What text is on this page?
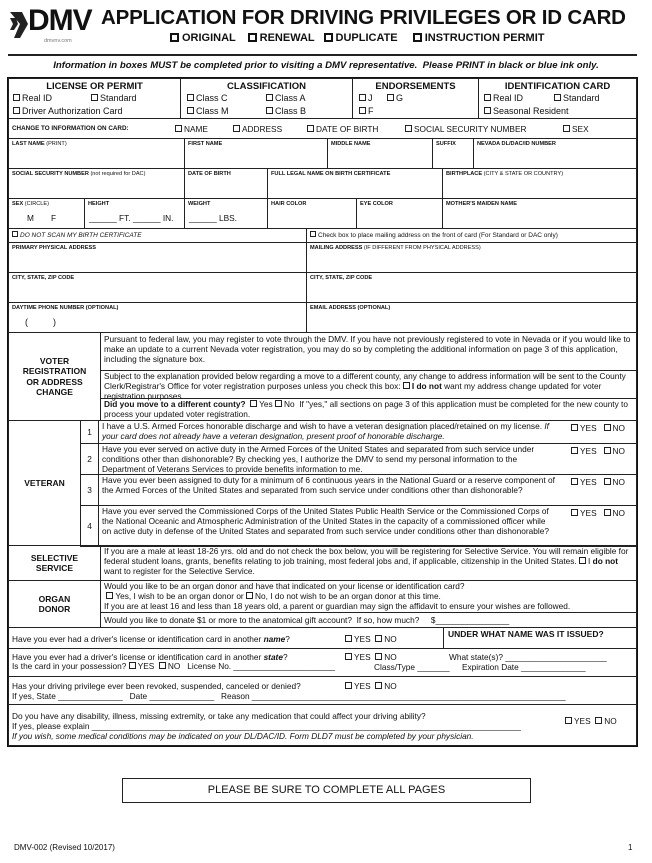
DMV
dmvnv.com
APPLICATION FOR DRIVING PRIVILEGES OR ID CARD
ORIGINAL RENEWAL DUPLICATE INSTRUCTION PERMIT
Information in boxes MUST be completed prior to visiting a DMV representative.  Please PRINT in black or blue ink only.
LICENSE OR PERMIT
Real ID	Standard
Driver Authorization Card
CLASSIFICATION
Class C	Class A
Class M	Class B
ENDORSEMENTS
J	G
F
IDENTIFICATION CARD
Real ID	Standard
Seasonal Resident
CHANGE TO INFORMATION ON CARD:	NAME	ADDRESS	DATE OF BIRTH	SOCIAL SECURITY NUMBER	SEX
LAST NAME (PRINT)	FIRST NAME	MIDDLE NAME	SUFFIX	NEVADA DL/DAC/ID NUMBER
SOCIAL SECURITY NUMBER (not required for DAC)	DATE OF BIRTH	FULL LEGAL NAME ON BIRTH CERTIFICATE	BIRTHPLACE (CITY & STATE OR COUNTRY)
SEX (CIRCLE)
M F
HEIGHT
______ FT. ______ IN.
WEIGHT
______ LBS.
HAIR COLOR	EYE COLOR	MOTHER'S MAIDEN NAME
DO NOT SCAN MY BIRTH CERTIFICATE	Check box to place mailing address on the front of card (For Standard or DAC only)
PRIMARY PHYSICAL ADDRESS	MAILING ADDRESS (IF DIFFERENT FROM PHYSICAL ADDRESS)
CITY, STATE, ZIP CODE	CITY, STATE, ZIP CODE
DAYTIME PHONE NUMBER (OPTIONAL)
(          )
EMAIL ADDRESS (OPTIONAL)
VOTER REGISTRATION OR ADDRESS CHANGE
Pursuant to federal law, you may register to vote through the DMV. If you have not previously registered to vote in Nevada or if you would like to make an update to a current Nevada voter registration, you may do so by completing the additional information on page 3 of this application, including the signature box.
Subject to the explanation provided below regarding a move to a different county, any change to address information will be sent to the County Clerk/Registrar's Office for voter registration purposes unless you check this box: I do not want my address change updated for voter registration purposes.
Did you move to a different county? Yes No If "yes," all sections on page 3 of this application must be completed for the new county to process your updated voter registration.
VETERAN
1
I have a U.S. Armed Forces honorable discharge and wish to have a veteran designation placed/retained on my license. If your card does not already have a veteran designation, present proof of honorable discharge.
YES NO
2
Have you ever served on active duty in the Armed Forces of the United States and separated from such service under conditions other than dishonorable? By checking yes, I authorize the DMV to send my personal information to the Department of Veterans Services to provide benefits information to me.
YES NO
3
Have you ever been assigned to duty for a minimum of 6 continuous years in the National Guard or a reserve component of the Armed Forces of the United States and separated from such service under conditions other than dishonorable?
YES NO
4
Have you ever served the Commissioned Corps of the United States Public Health Service or the Commissioned Corps of the National Oceanic and Atmospheric Administration of the United States in the capacity of a commissioned officer while on active duty in defense of the United States and separated from such service under conditions other than dishonorable?
YES NO
SELECTIVE SERVICE
If you are a male at least 18-26 yrs. old and do not check the box below, you will be registering for Selective Service. You will remain eligible for federal student loans, grants, benefits relating to job training, most federal jobs and, if applicable, citizenship in the United States. I do not want to register for the Selective Service.
ORGAN DONOR
Would you like to be an organ donor and have that indicated on your license or identification card?
Yes, I wish to be an organ donor or No, I do not wish to be an organ donor at this time.
If you are at least 16 and less than 18 years old, a parent or guardian may sign the affidavit to ensure your wishes are followed.
Would you like to donate $1 or more to the anatomical gift account?  If so, how much? $________________
Have you ever had a driver's license or identification card in another name?	YES NO	UNDER WHAT NAME WAS IT ISSUED?
Have you ever had a driver's license or identification card in another state?	YES NO	What state(s)? ______________________
Is the card in your possession? YES NO License No. ______________________	Class/Type _______ Expiration Date ______________
Has your driving privilege ever been revoked, suspended, canceled or denied?	YES NO
If yes, State ______________   Date ______________   Reason ____________________________________________________________________
Do you have any disability, illness, missing extremity, or take any medication that could affect your driving ability?
If yes, please explain _____________________________________________________________________________________________
If you wish, some medical conditions may be indicated on your DL/DAC/ID. Form DLD7 must be completed by your physician.
YES NO
PLEASE BE SURE TO COMPLETE ALL PAGES
DMV-002 (Revised 10/2017)	1
